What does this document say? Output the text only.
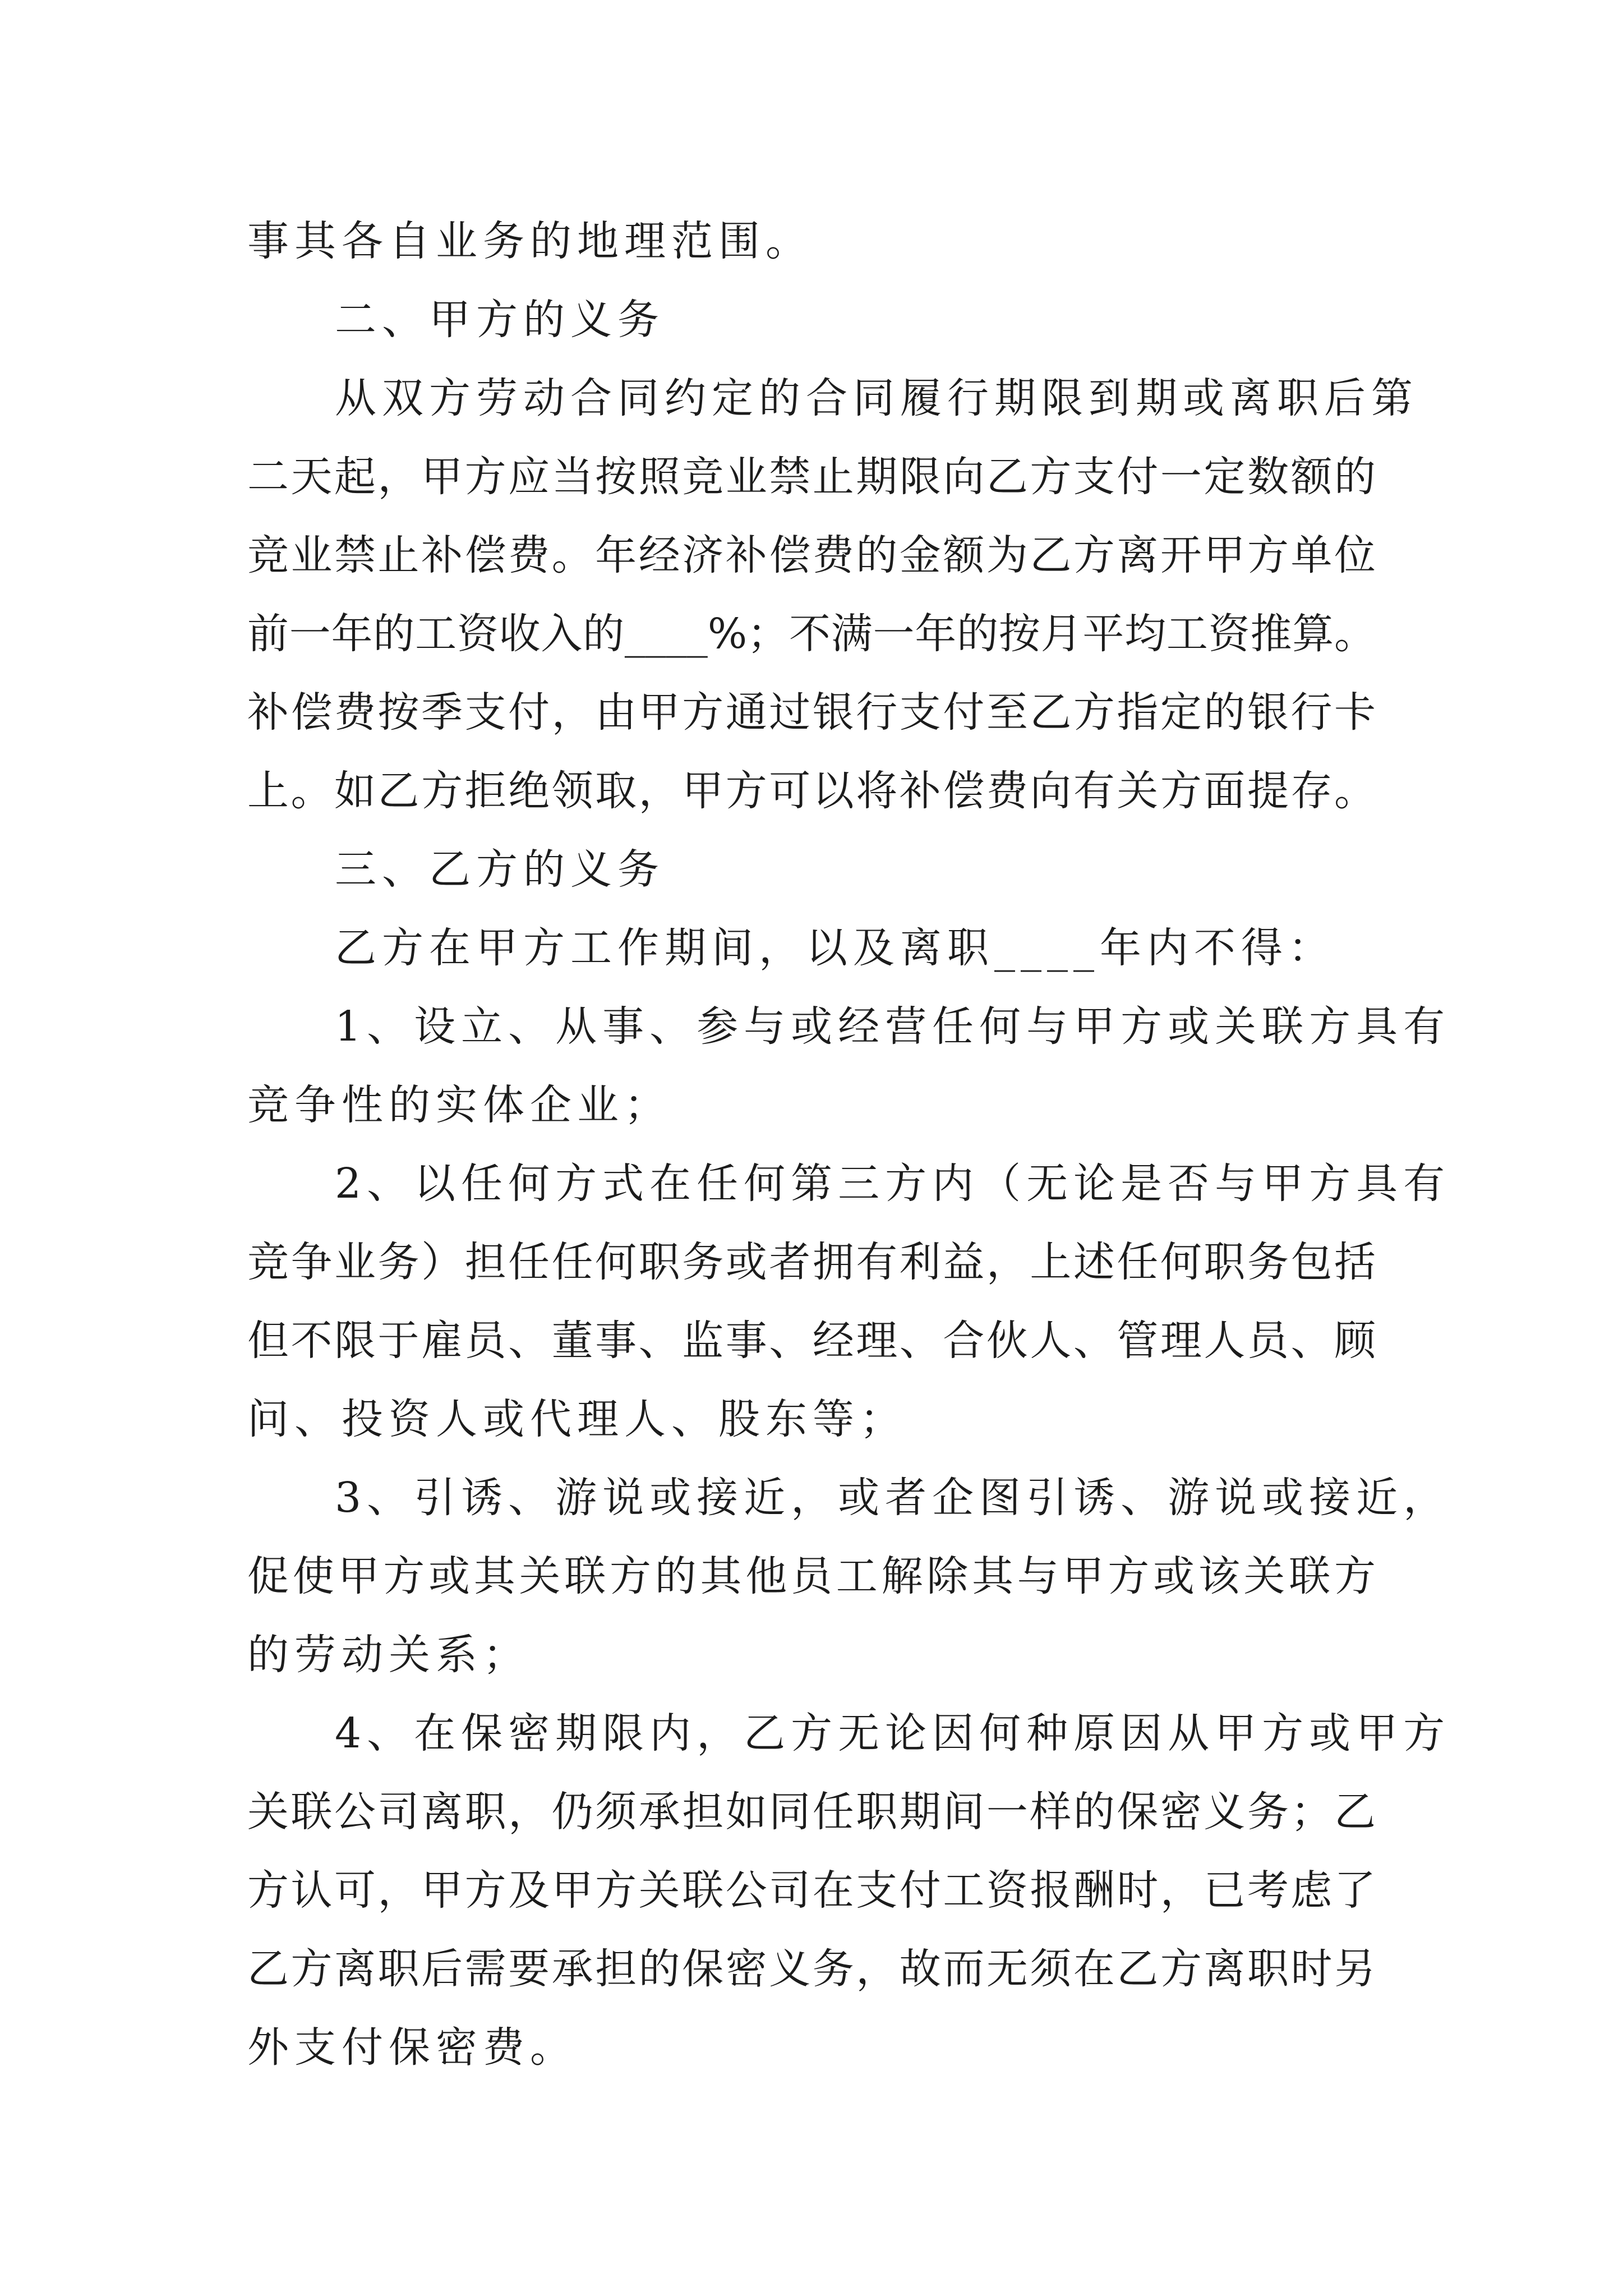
事其各自业务的地理范围。

二、甲方的义务

从双方劳动合同约定的合同履行期限到期或离职后第

二天起，甲方应当按照竞业禁止期限向乙方支付一定数额的

竞业禁止补偿费。年经济补偿费的金额为乙方离开甲方单位

前一年的工资收入的____%；不满一年的按月平均工资推算。

补偿费按季支付，由甲方通过银行支付至乙方指定的银行卡

上。如乙方拒绝领取，甲方可以将补偿费向有关方面提存。

三、乙方的义务

乙方在甲方工作期间，以及离职____年内不得：

1、设立、从事、参与或经营任何与甲方或关联方具有

竞争性的实体企业；

2、以任何方式在任何第三方内（无论是否与甲方具有

竞争业务）担任任何职务或者拥有利益，上述任何职务包括

但不限于雇员、董事、监事、经理、合伙人、管理人员、顾

问、投资人或代理人、股东等；

3、引诱、游说或接近，或者企图引诱、游说或接近，

促使甲方或其关联方的其他员工解除其与甲方或该关联方

的劳动关系；

4、在保密期限内，乙方无论因何种原因从甲方或甲方

关联公司离职，仍须承担如同任职期间一样的保密义务；乙

方认可，甲方及甲方关联公司在支付工资报酬时，已考虑了

乙方离职后需要承担的保密义务，故而无须在乙方离职时另

外支付保密费。
